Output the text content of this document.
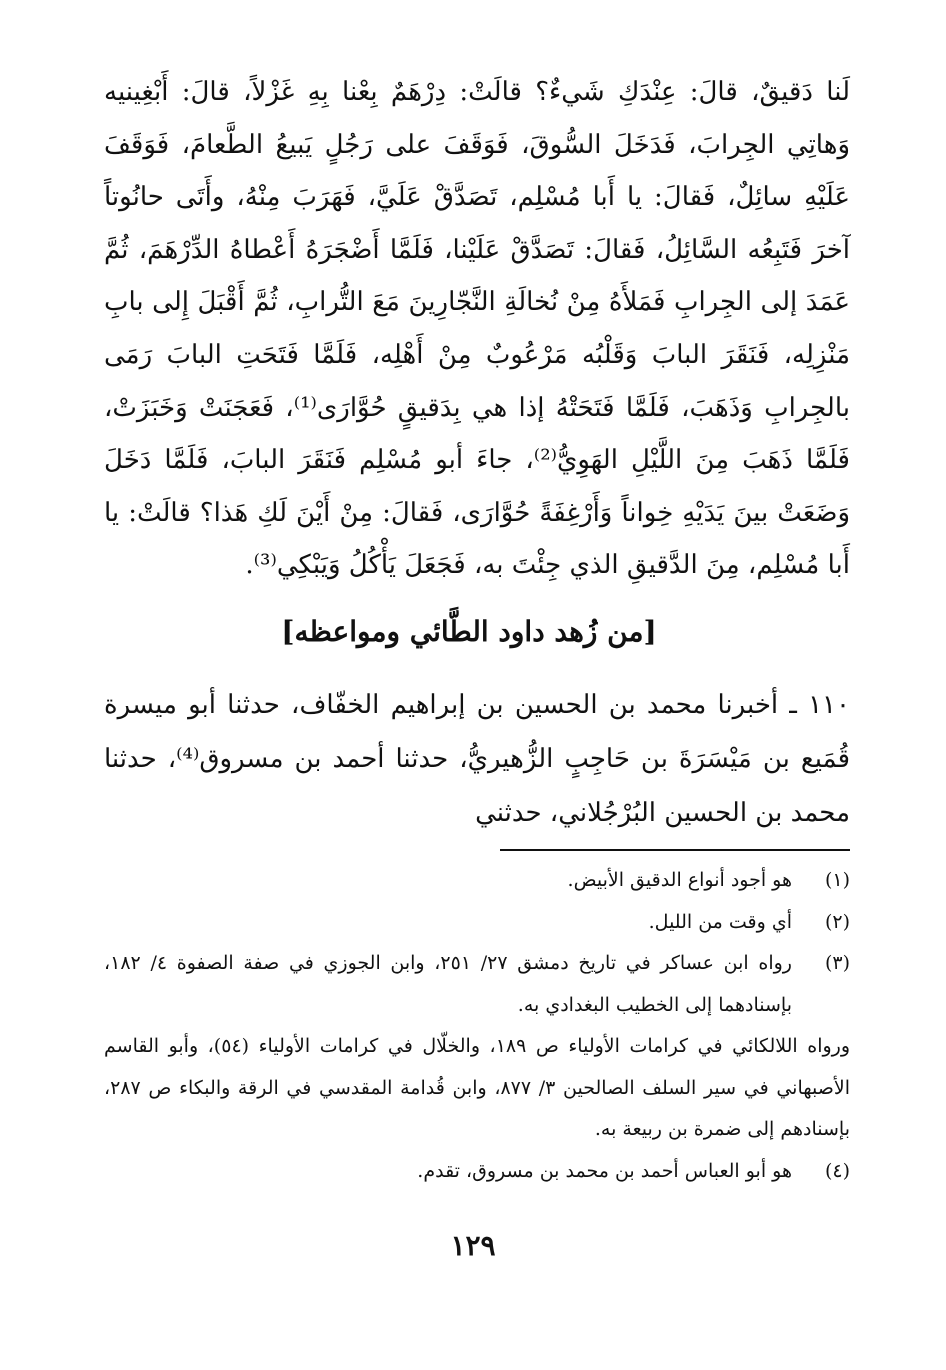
لَنا دَقيقٌ، قالَ: عِنْدَكِ شَيءٌ؟ قالَتْ: دِرْهَمٌ بِعْنا بِهِ غَزْلاً، قالَ: أَبْغِينيه وَهاتِي الجِرابَ، فَدَخَلَ السُّوقَ، فَوَقَفَ على رَجُلٍ يَبيعُ الطَّعامَ، فَوَقَفَ عَلَيْهِ سائِلٌ، فَقالَ: يا أَبا مُسْلِم، تَصَدَّقْ عَلَيَّ، فَهَرَبَ مِنْهُ، وأَتَى حانُوتاً آخرَ فَتَبِعُه السَّائِلُ، فَقالَ: تَصَدَّقْ عَلَيْنا، فَلَمَّا أَضْجَرَهُ أَعْطاهُ الدِّرْهَمَ، ثُمَّ عَمَدَ إلى الجِرابِ فَمَلأَهُ مِنْ نُخالَةِ النَّجّارِينَ مَعَ التُّرابِ، ثُمَّ أَقْبَلَ إِلى بابِ مَنْزِلِه، فَنَقَرَ البابَ وَقَلْبُه مَرْعُوبٌ مِنْ أَهْلِه، فَلَمَّا فَتَحَتِ البابَ رَمَى بالجِرابِ وَذَهَبَ، فَلَمَّا فَتَحَتْهُ إذا هي بِدَقيقٍ حُوَّارَى⁽¹⁾، فَعَجَنَتْ وَخَبَزَتْ، فَلَمَّا ذَهَبَ مِنَ اللَّيْلِ الهَوِيُّ⁽²⁾، جاءَ أبو مُسْلِم فَنَقَرَ البابَ، فَلَمَّا دَخَلَ وَضَعَتْ بينَ يَدَيْهِ خِواناً وَأَرْغِفَةً حُوَّارَى، فَقالَ: مِنْ أَيْنَ لَكِ هَذا؟ قالَتْ: يا أَبا مُسْلِم، مِنَ الدَّقيقِ الذي جِئْتَ به، فَجَعَلَ يَأْكُلُ وَيَبْكِي⁽³⁾.

[من زُهد داود الطَّائي ومواعظه]

١١٠ ـ أخبرنا محمد بن الحسين بن إبراهيم الخفّاف، حدثنا أبو ميسرة قُمَيع بن مَيْسَرَةَ بن حَاجِبٍ الزُّهيريُّ، حدثنا أحمد بن مسروق⁽⁴⁾، حدثنا محمد بن الحسين البُرْجُلاني، حدثني

(١)
هو أجود أنواع الدقيق الأبيض.

(٢)
أي وقت من الليل.

(٣)
رواه ابن عساكر في تاريخ دمشق ٢٧/ ٢٥١، وابن الجوزي في صفة الصفوة ٤/ ١٨٢، بإسنادهما إلى الخطيب البغدادي به.

ورواه اللالكائي في كرامات الأولياء ص ١٨٩، والخلّال في كرامات الأولياء (٥٤)، وأبو القاسم الأصبهاني في سير السلف الصالحين ٣/ ٨٧٧، وابن قُدامة المقدسي في الرقة والبكاء ص ٢٨٧، بإسنادهم إلى ضمرة بن ربيعة به.

(٤)
هو أبو العباس أحمد بن محمد بن مسروق، تقدم.

١٢٩
